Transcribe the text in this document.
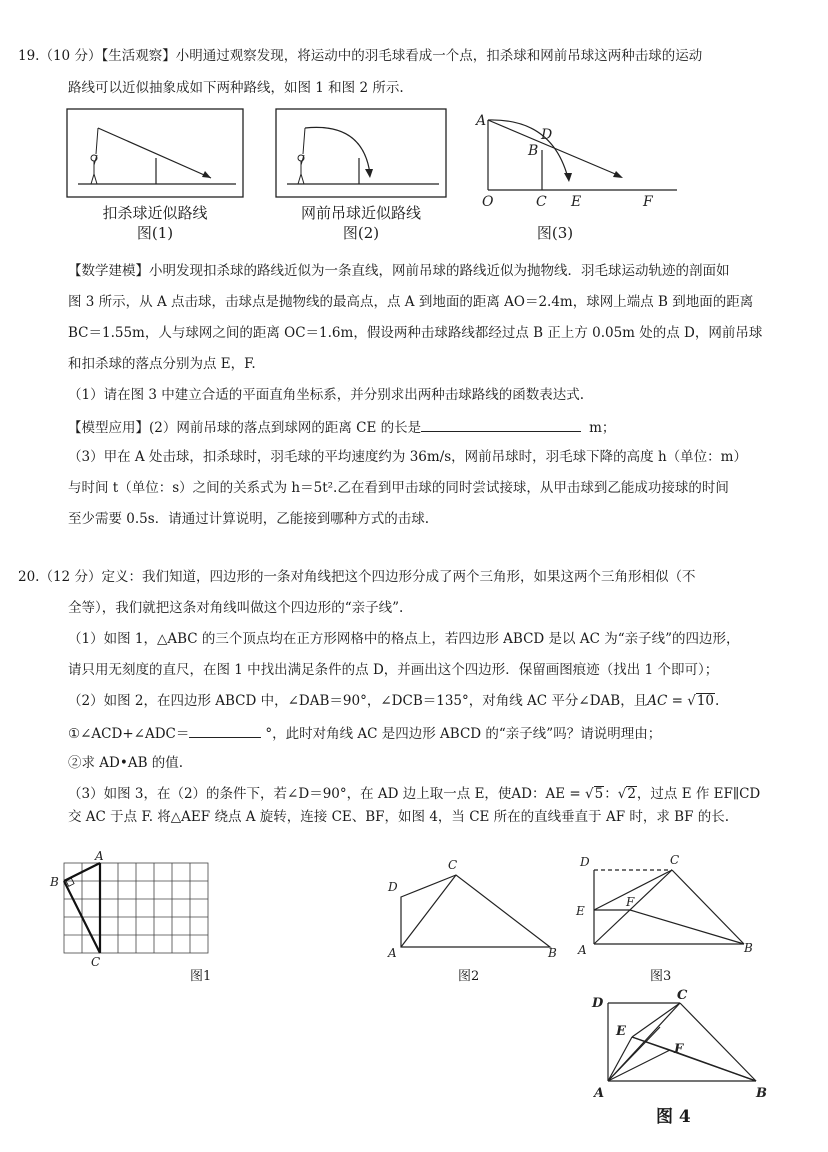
19.（10 分）【生活观察】小明通过观察发现，将运动中的羽毛球看成一个点，扣杀球和网前吊球这两种击球的运动
路线可以近似抽象成如下两种路线，如图 1 和图 2 所示.
扣杀球近似路线
图(1)
网前吊球近似路线
图(2)
A
D
B
O	C E	F
图(3)
【数学建模】小明发现扣杀球的路线近似为一条直线，网前吊球的路线近似为抛物线．羽毛球运动轨迹的剖面如
图 3 所示，从 A 点击球，击球点是抛物线的最高点，点 A 到地面的距离 AO＝2.4m，球网上端点 B 到地面的距离
BC＝1.55m，人与球网之间的距离 OC＝1.6m，假设两种击球路线都经过点 B 正上方 0.05m 处的点 D，网前吊球
和扣杀球的落点分别为点 E，F.
（1）请在图 3 中建立合适的平面直角坐标系，并分别求出两种击球路线的函数表达式.
【模型应用】(2）网前吊球的落点到球网的距离 CE 的长是	m；
（3）甲在 A 处击球，扣杀球时，羽毛球的平均速度约为 36m/s，网前吊球时，羽毛球下降的高度 h（单位：m）
与时间 t（单位：s）之间的关系式为 h＝5t².乙在看到甲击球的同时尝试接球，从甲击球到乙能成功接球的时间
至少需要 0.5s．请通过计算说明，乙能接到哪种方式的击球.
20.（12 分）定义：我们知道，四边形的一条对角线把这个四边形分成了两个三角形，如果这两个三角形相似（不
全等），我们就把这条对角线叫做这个四边形的“亲子线”.
（1）如图 1，△ABC 的三个顶点均在正方形网格中的格点上，若四边形 ABCD 是以 AC 为“亲子线”的四边形，
请只用无刻度的直尺，在图 1 中找出满足条件的点 D，并画出这个四边形．保留画图痕迹（找出 1 个即可）；
（2）如图 2，在四边形 ABCD 中，∠DAB＝90°，∠DCB＝135°，对角线 AC 平分∠DAB，且AC = √10.
①∠ACD+∠ADC＝	°，此时对角线 AC 是四边形 ABCD 的“亲子线”吗？请说明理由；
②求 AD•AB 的值.
（3）如图 3，在（2）的条件下，若∠D＝90°，在 AD 边上取一点 E，使AD：AE = √5：√2，过点 E 作 EF∥CD
交 AC 于点 F. 将△AEF 绕点 A 旋转，连接 CE、BF，如图 4，当 CE 所在的直线垂直于 AF 时，求 BF 的长.
A
B
C
图1
D
C
A	B
图2
D	C
E
F
A	B
图3
D
C
E
F
A	B
图 4
